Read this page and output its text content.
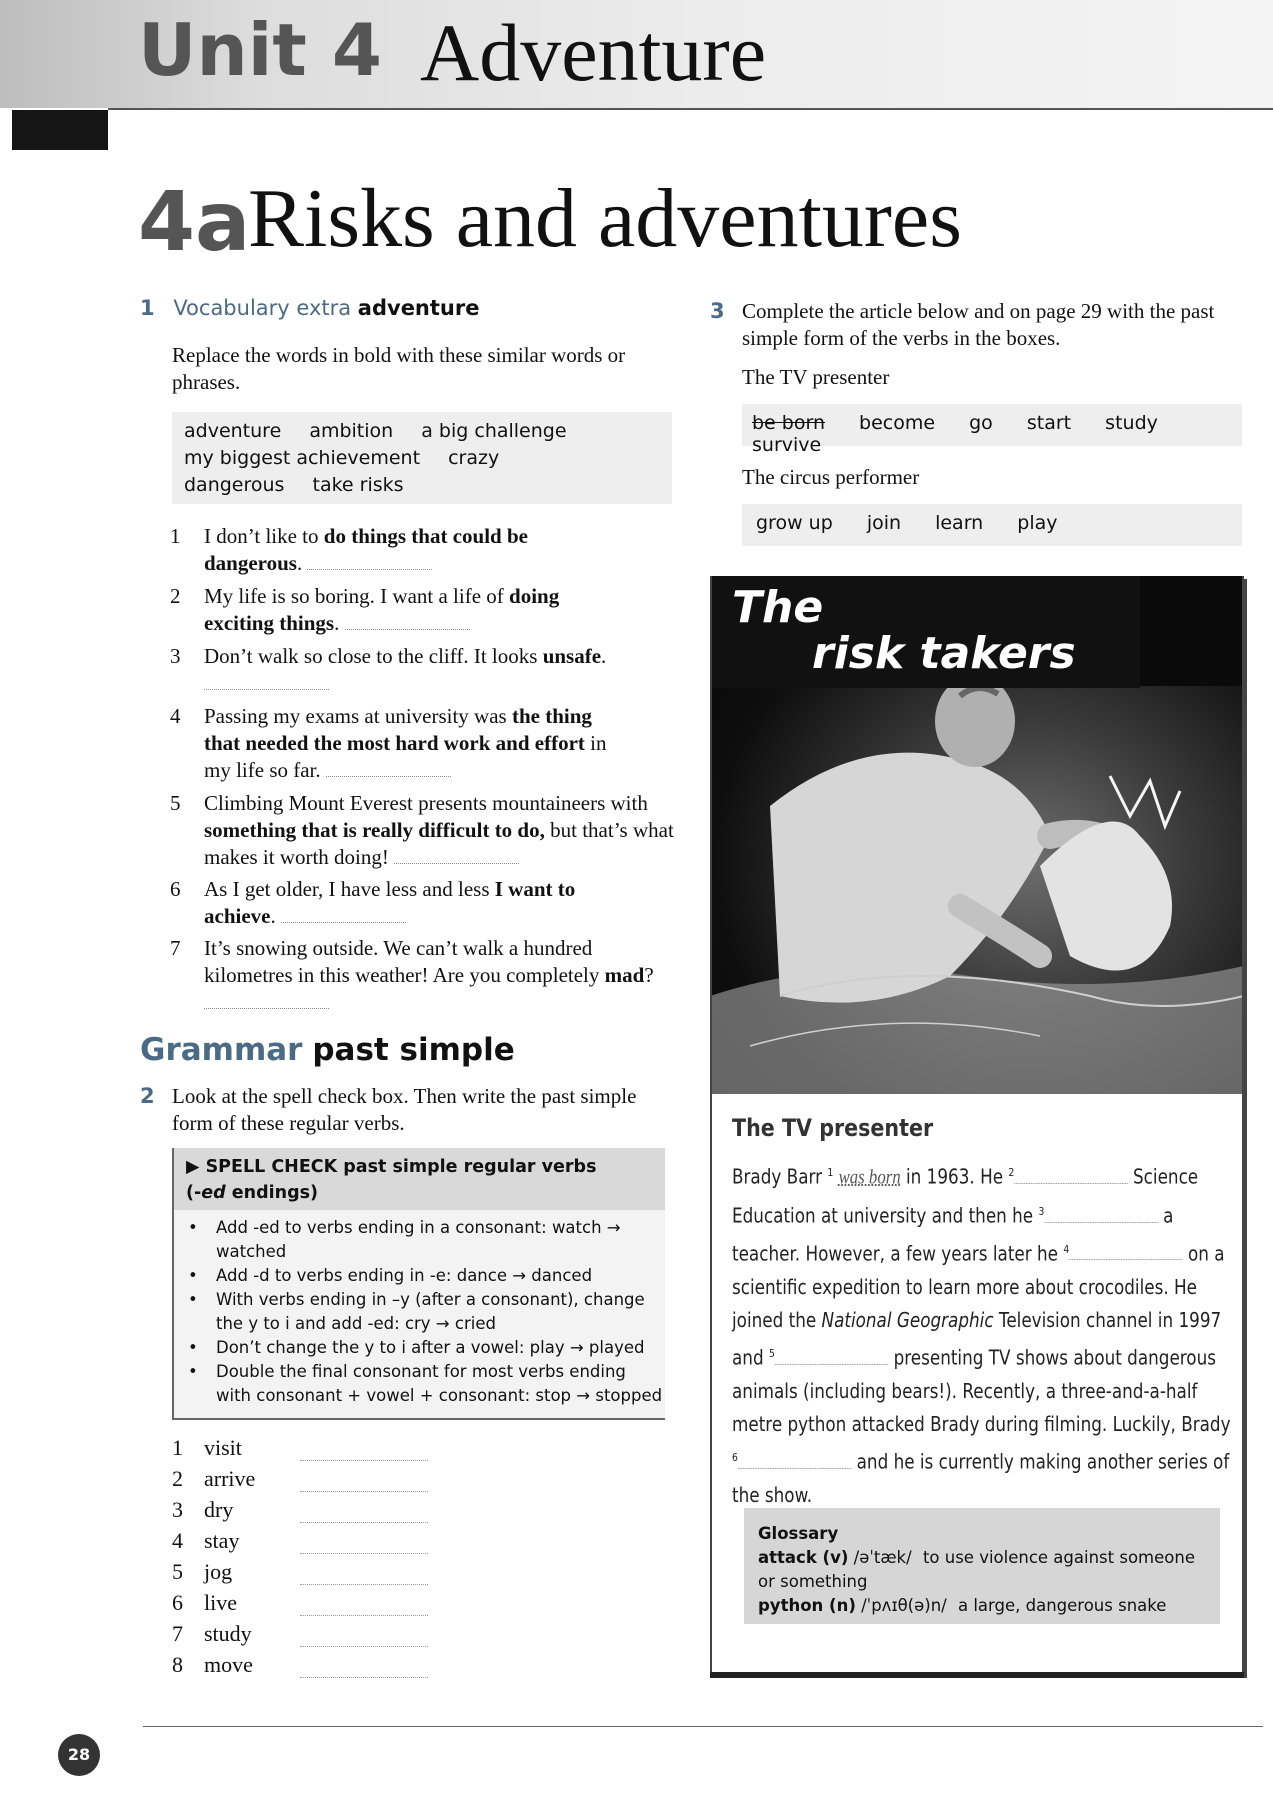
Unit 4 Adventure
4a
Risks and adventures
1 Vocabulary extra adventure
Replace the words in bold with these similar words or phrases.
adventure ambition a big challenge
my biggest achievement crazy
dangerous take risks
1	I don’t like to do things that could be dangerous.
2	My life is so boring. I want a life of doing exciting things.
3	Don’t walk so close to the cliff. It looks unsafe.
4	Passing my exams at university was the thing that needed the most hard work and effort in my life so far.
5	Climbing Mount Everest presents mountaineers with something that is really difficult to do, but that’s what makes it worth doing!
6	As I get older, I have less and less I want to achieve.
7	It’s snowing outside. We can’t walk a hundred kilometres in this weather! Are you completely mad?
Grammar past simple
2 Look at the spell check box. Then write the past simple form of these regular verbs.
▶ SPELL CHECK past simple regular verbs
(-ed endings)
• Add -ed to verbs ending in a consonant: watch → watched
• Add -d to verbs ending in -e: dance → danced
• With verbs ending in –y (after a consonant), change the y to i and add -ed: cry → cried
• Don’t change the y to i after a vowel: play → played
• Double the final consonant for most verbs ending with consonant + vowel + consonant: stop → stopped
1 visit
2 arrive
3 dry
4 stay
5 jog
6 live
7 study
8 move
3 Complete the article below and on page 29 with the past simple form of the verbs in the boxes.
The TV presenter
be born become go start study survive
The circus performer
grow up join learn play
The
risk takers
The TV presenter
Brady Barr $^1$ was born in 1963. He $^2$	Science Education at university and then he $^3$	a teacher. However, a few years later he $^4$	on a scientific expedition to learn more about crocodiles. He joined the National Geographic Television channel in 1997 and $^5$	presenting TV shows about dangerous animals (including bears!). Recently, a three-and-a-half metre python attacked Brady during filming. Luckily, Brady $^6$	and he is currently making another series of the show.
Glossary
attack (v) /əˈtæk/ to use violence against someone or something
python (n) /ˈpʌɪθ(ə)n/ a large, dangerous snake
28
